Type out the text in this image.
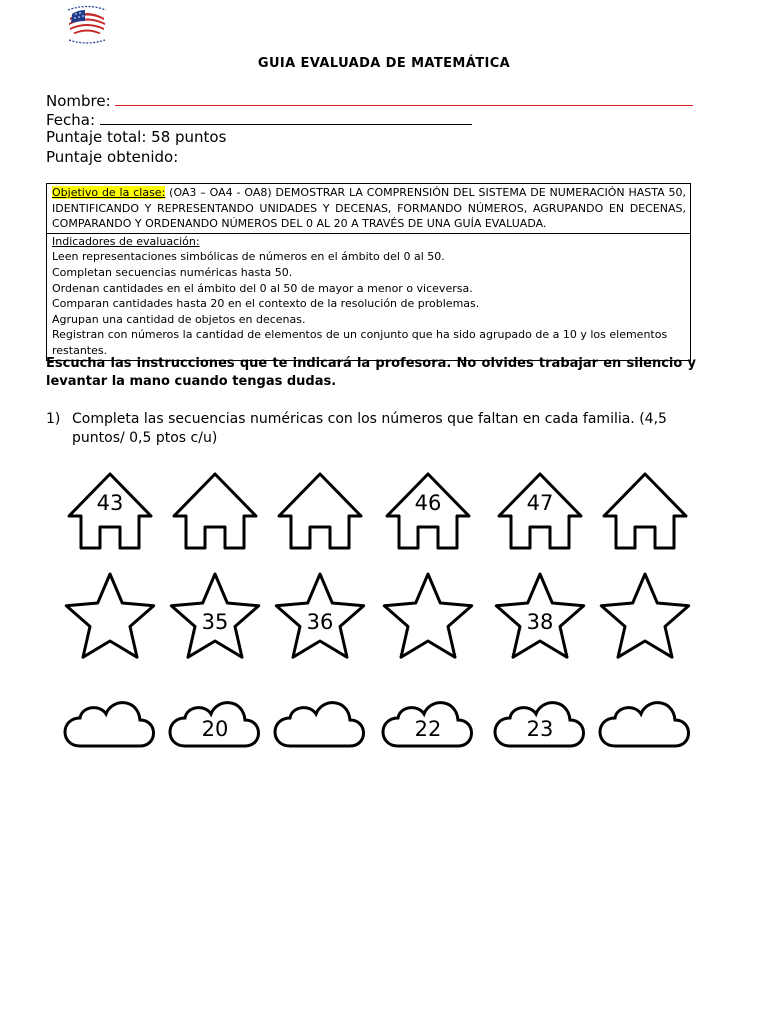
GUIA EVALUADA DE MATEMÁTICA
Nombre:
Fecha:
Puntaje total: 58 puntos
Puntaje obtenido:
Objetivo de la clase: (OA3 – OA4 - OA8) DEMOSTRAR LA COMPRENSIÓN DEL SISTEMA DE NUMERACIÓN HASTA 50, IDENTIFICANDO Y REPRESENTANDO UNIDADES Y DECENAS, FORMANDO NÚMEROS, AGRUPANDO EN DECENAS, COMPARANDO Y ORDENANDO NÚMEROS DEL 0 AL 20 A TRAVÉS DE UNA GUÍA EVALUADA.
Indicadores de evaluación:
Leen representaciones simbólicas de números en el ámbito del 0 al 50.
Completan secuencias numéricas hasta 50.
Ordenan cantidades en el ámbito del 0 al 50 de mayor a menor o viceversa.
Comparan cantidades hasta 20 en el contexto de la resolución de problemas.
Agrupan una cantidad de objetos en decenas.
Registran con números la cantidad de elementos de un conjunto que ha sido agrupado de a 10 y los elementos restantes.
Escucha las instrucciones que te indicará la profesora. No olvides trabajar en silencio y levantar la mano cuando tengas dudas.
1) Completa las secuencias numéricas con los números que faltan en cada familia. (4,5 puntos/ 0,5 ptos c/u)
43	46	47
35	36	38
20	22	23
